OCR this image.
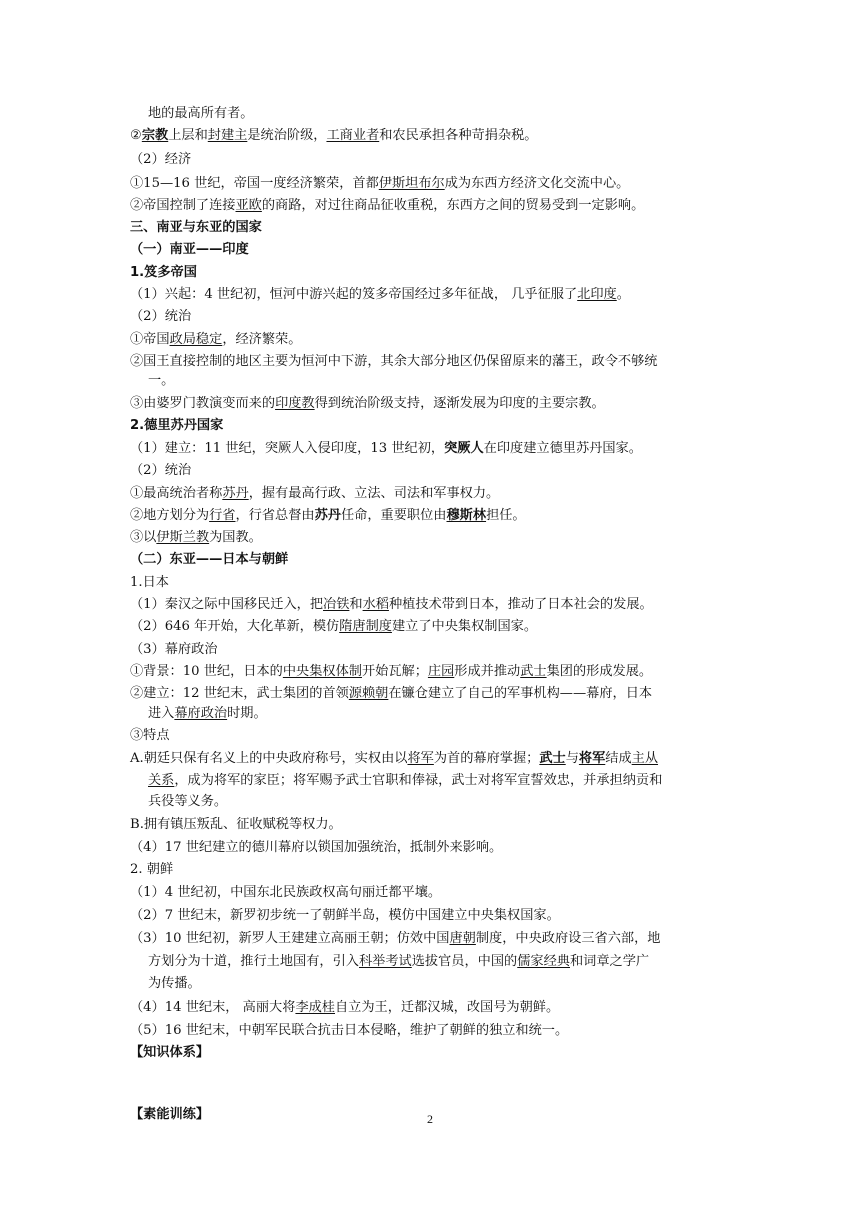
地的最高所有者。
②宗教上层和封建主是统治阶级，工商业者和农民承担各种苛捐杂税。
（2）经济
①15—16 世纪，帝国一度经济繁荣，首都伊斯坦布尔成为东西方经济文化交流中心。
②帝国控制了连接亚欧的商路，对过往商品征收重税，东西方之间的贸易受到一定影响。
三、南亚与东亚的国家
（一）南亚——印度
1.笈多帝国
（1）兴起：4 世纪初，恒河中游兴起的笈多帝国经过多年征战， 几乎征服了北印度。
（2）统治
①帝国政局稳定，经济繁荣。
②国王直接控制的地区主要为恒河中下游，其余大部分地区仍保留原来的藩王，政令不够统
一。
③由婆罗门教演变而来的印度教得到统治阶级支持，逐渐发展为印度的主要宗教。
2.德里苏丹国家
（1）建立：11 世纪，突厥人入侵印度，13 世纪初，突厥人在印度建立德里苏丹国家。
（2）统治
①最高统治者称苏丹，握有最高行政、立法、司法和军事权力。
②地方划分为行省，行省总督由苏丹任命，重要职位由穆斯林担任。
③以伊斯兰教为国教。
（二）东亚——日本与朝鲜
1.日本
（1）秦汉之际中国移民迁入，把冶铁和水稻种植技术带到日本，推动了日本社会的发展。
（2）646 年开始，大化革新，模仿隋唐制度建立了中央集权制国家。
（3）幕府政治
①背景：10 世纪，日本的中央集权体制开始瓦解；庄园形成并推动武士集团的形成发展。
②建立：12 世纪末，武士集团的首领源赖朝在镰仓建立了自己的军事机构——幕府，日本
进入幕府政治时期。
③特点
A.朝廷只保有名义上的中央政府称号，实权由以将军为首的幕府掌握；武士与将军结成主从
关系，成为将军的家臣；将军赐予武士官职和俸禄，武士对将军宣誓效忠，并承担纳贡和
兵役等义务。
B.拥有镇压叛乱、征收赋税等权力。
（4）17 世纪建立的德川幕府以锁国加强统治，抵制外来影响。
2. 朝鲜
（1）4 世纪初，中国东北民族政权高句丽迁都平壤。
（2）7 世纪末，新罗初步统一了朝鲜半岛，模仿中国建立中央集权国家。
（3）10 世纪初，新罗人王建建立高丽王朝；仿效中国唐朝制度，中央政府设三省六部，地
方划分为十道，推行土地国有，引入科举考试选拔官员，中国的儒家经典和词章之学广
为传播。
（4）14 世纪末， 高丽大将李成桂自立为王，迁都汉城，改国号为朝鲜。
（5）16 世纪末，中朝军民联合抗击日本侵略，维护了朝鲜的独立和统一。
【知识体系】
【素能训练】	2
